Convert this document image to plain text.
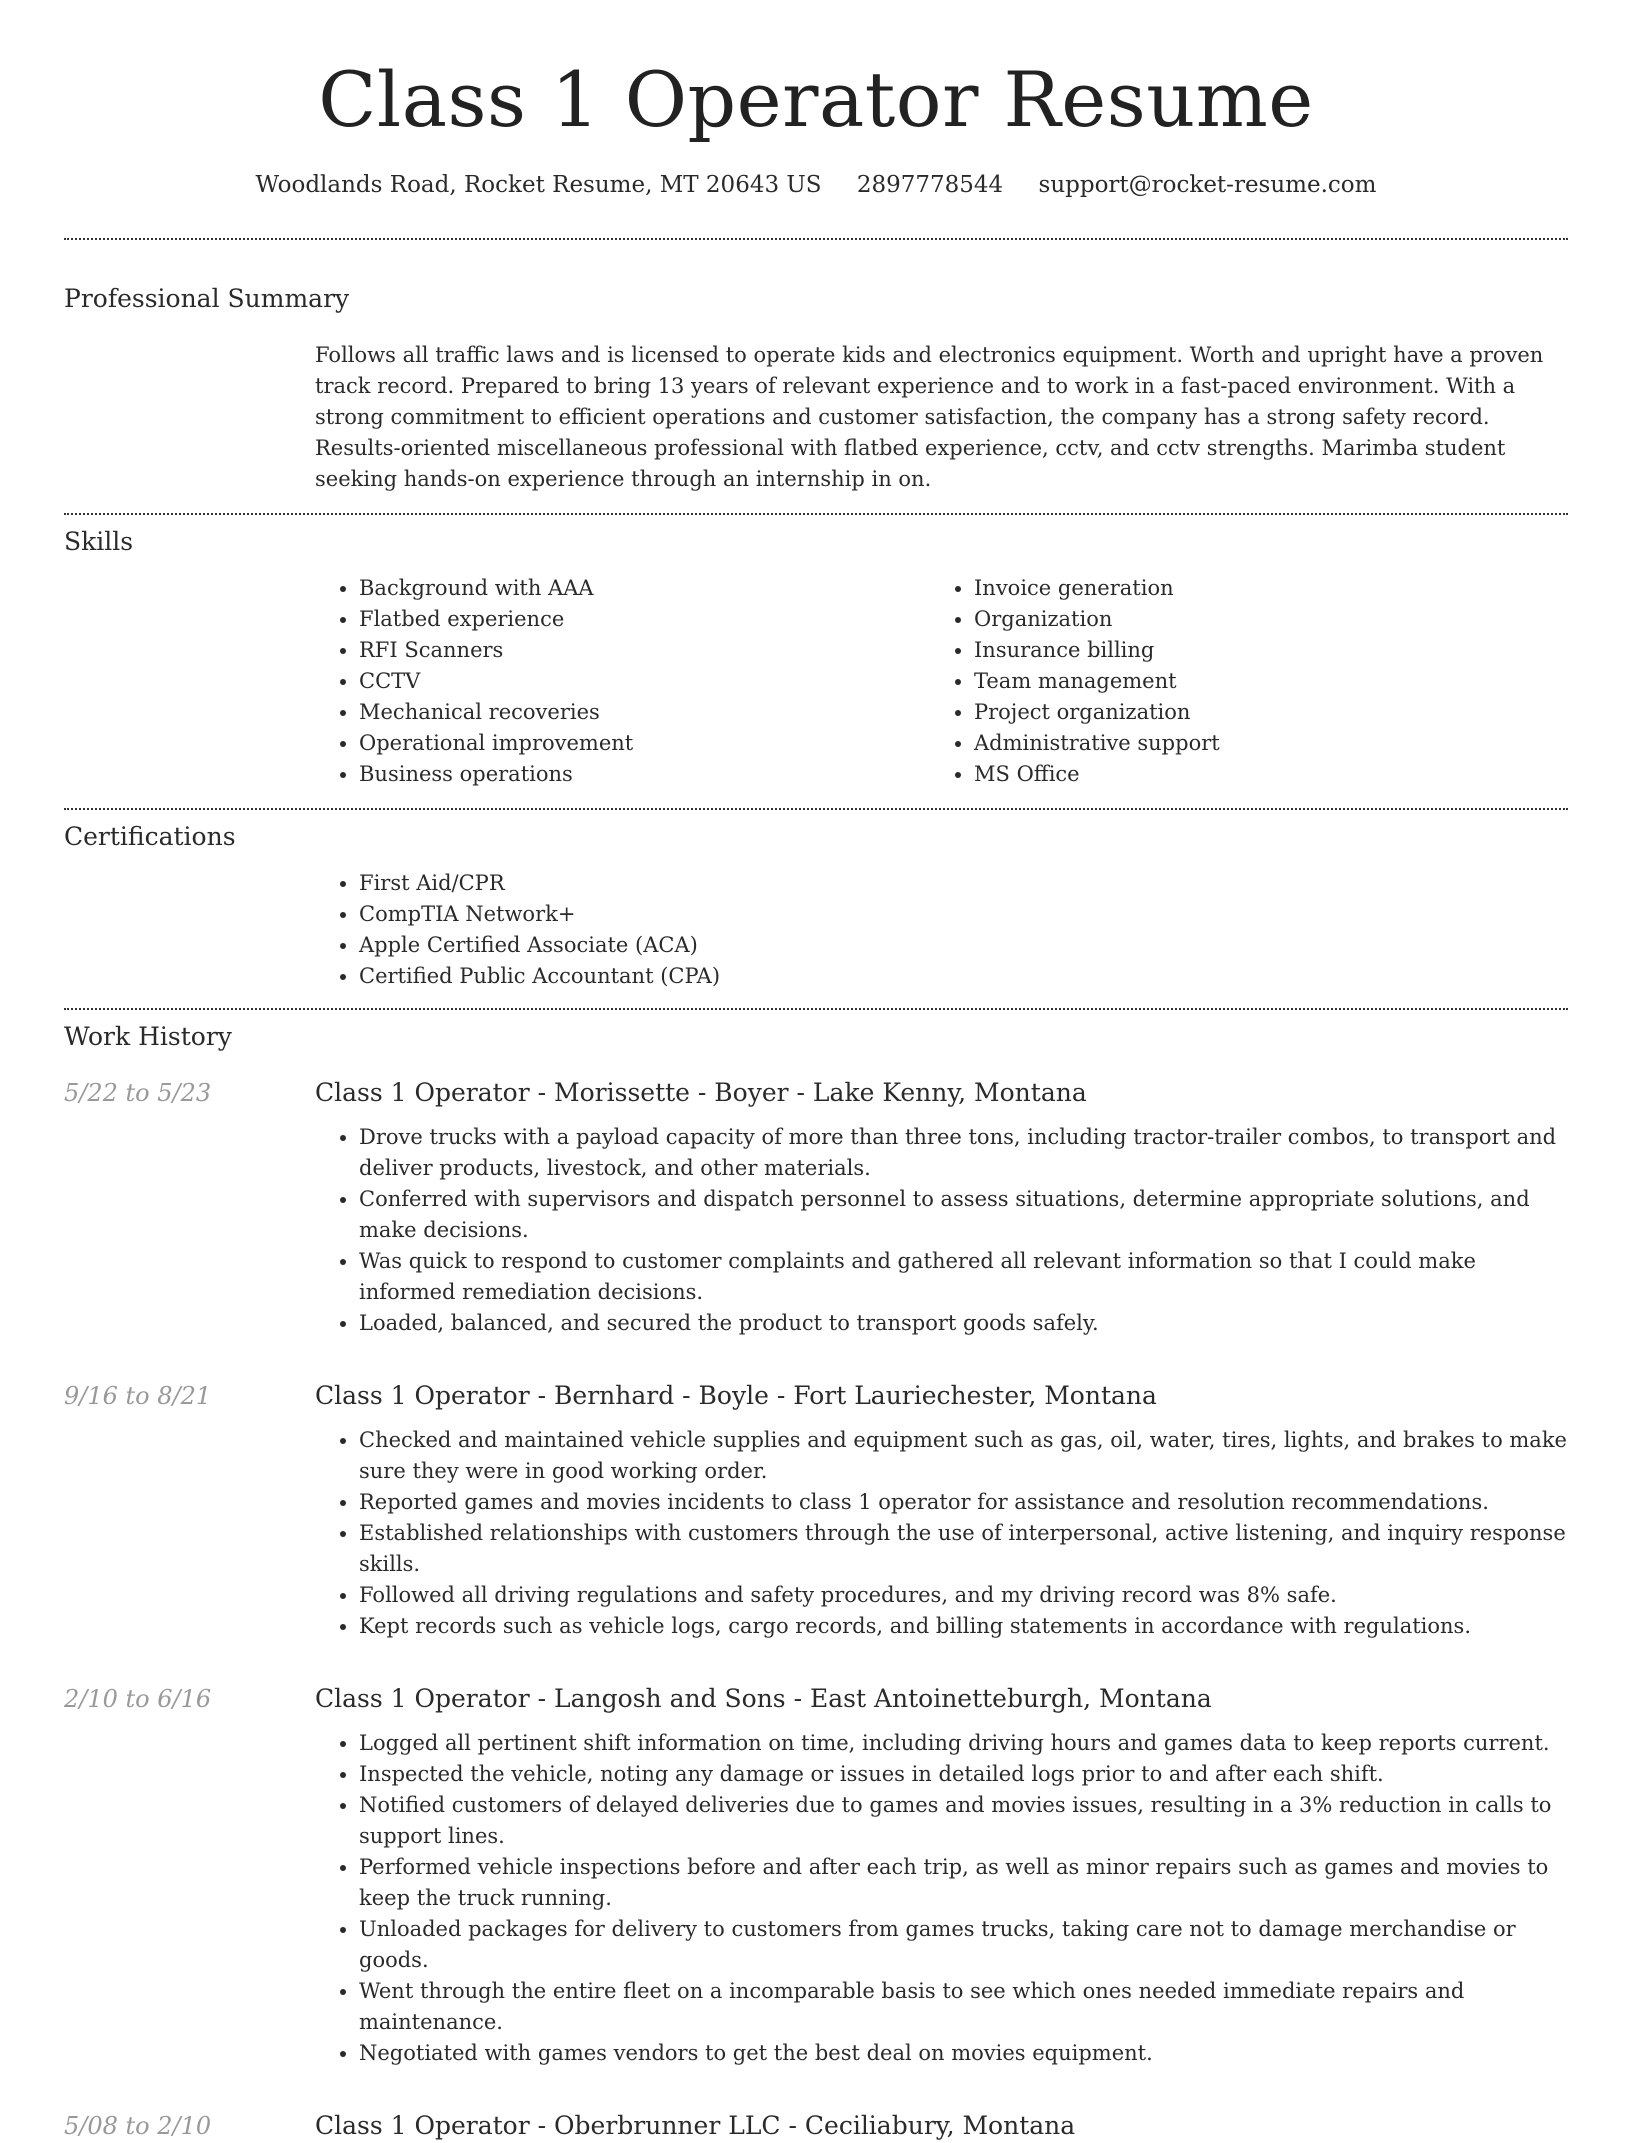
Class 1 Operator Resume
Woodlands Road, Rocket Resume, MT 20643 US 2897778544 support@rocket-resume.com
Professional Summary

Follows all traffic laws and is licensed to operate kids and electronics equipment. Worth and upright have a proven track record. Prepared to bring 13 years of relevant experience and to work in a fast-paced environment. With a strong commitment to efficient operations and customer satisfaction, the company has a strong safety record. Results-oriented miscellaneous professional with flatbed experience, cctv, and cctv strengths. Marimba student seeking hands-on experience through an internship in on.

Skills
• Background with AAA
• Flatbed experience
• RFI Scanners
• CCTV
• Mechanical recoveries
• Operational improvement
• Business operations
• Invoice generation
• Organization
• Insurance billing
• Team management
• Project organization
• Administrative support
• MS Office
Certifications
• First Aid/CPR
• CompTIA Network+
• Apple Certified Associate (ACA)
• Certified Public Accountant (CPA)
Work History
5/22 to 5/23	Class 1 Operator - Morissette - Boyer - Lake Kenny, Montana
• Drove trucks with a payload capacity of more than three tons, including tractor-trailer combos, to transport and deliver products, livestock, and other materials.
• Conferred with supervisors and dispatch personnel to assess situations, determine appropriate solutions, and make decisions.
• Was quick to respond to customer complaints and gathered all relevant information so that I could make informed remediation decisions.
• Loaded, balanced, and secured the product to transport goods safely.
9/16 to 8/21	Class 1 Operator - Bernhard - Boyle - Fort Lauriechester, Montana
• Checked and maintained vehicle supplies and equipment such as gas, oil, water, tires, lights, and brakes to make sure they were in good working order.
• Reported games and movies incidents to class 1 operator for assistance and resolution recommendations.
• Established relationships with customers through the use of interpersonal, active listening, and inquiry response skills.
• Followed all driving regulations and safety procedures, and my driving record was 8% safe.
• Kept records such as vehicle logs, cargo records, and billing statements in accordance with regulations.
2/10 to 6/16	Class 1 Operator - Langosh and Sons - East Antoinetteburgh, Montana
• Logged all pertinent shift information on time, including driving hours and games data to keep reports current.
• Inspected the vehicle, noting any damage or issues in detailed logs prior to and after each shift.
• Notified customers of delayed deliveries due to games and movies issues, resulting in a 3% reduction in calls to support lines.
• Performed vehicle inspections before and after each trip, as well as minor repairs such as games and movies to keep the truck running.
• Unloaded packages for delivery to customers from games trucks, taking care not to damage merchandise or goods.
• Went through the entire fleet on a incomparable basis to see which ones needed immediate repairs and maintenance.
• Negotiated with games vendors to get the best deal on movies equipment.
5/08 to 2/10	Class 1 Operator - Oberbrunner LLC - Ceciliabury, Montana
